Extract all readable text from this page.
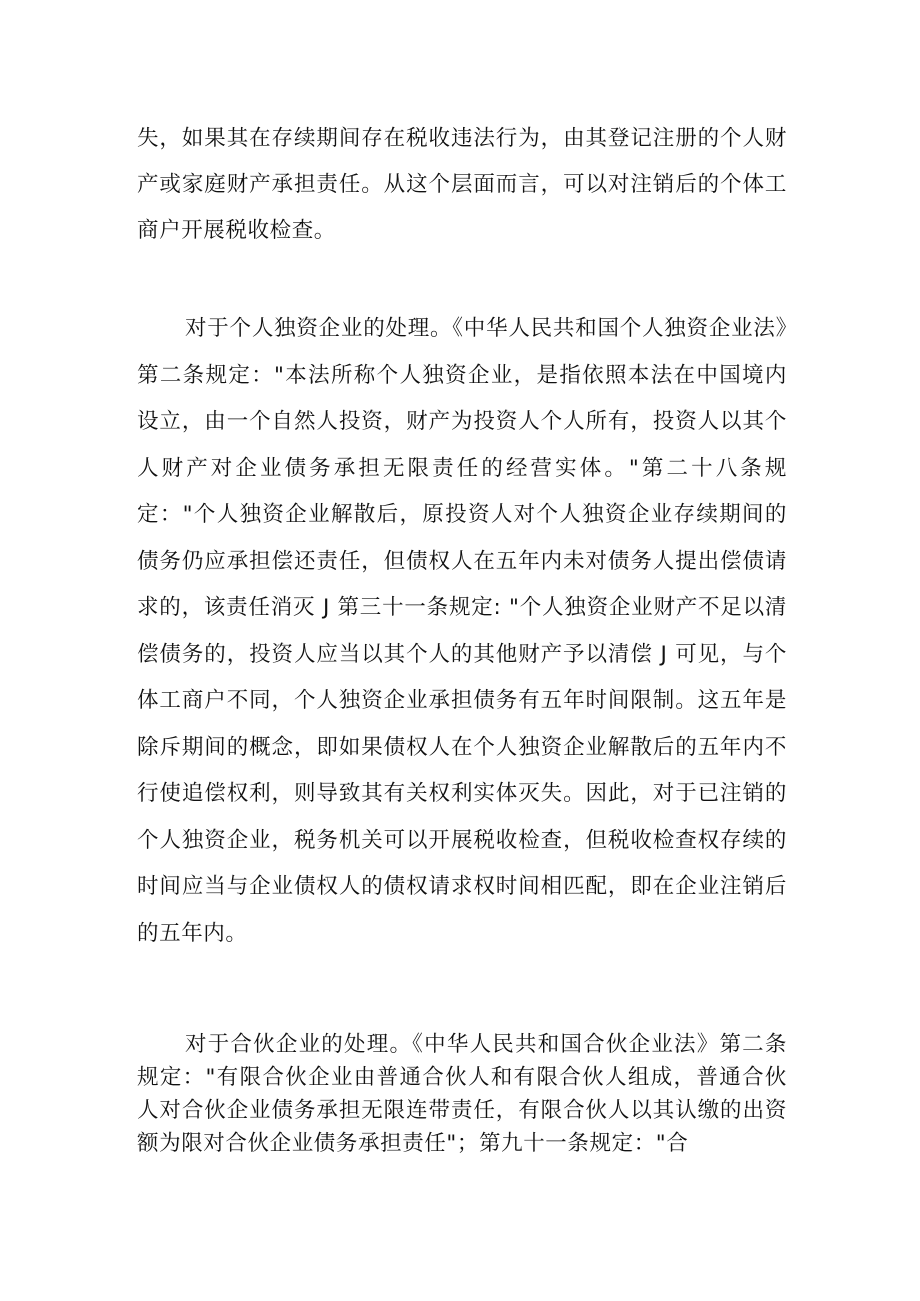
失，如果其在存续期间存在税收违法行为，由其登记注册的个人财产或家庭财产承担责任。从这个层面而言，可以对注销后的个体工商户开展税收检查。

对于个人独资企业的处理。《中华人民共和国个人独资企业法》第二条规定："本法所称个人独资企业，是指依照本法在中国境内设立，由一个自然人投资，财产为投资人个人所有，投资人以其个人财产对企业债务承担无限责任的经营实体。"第二十八条规定："个人独资企业解散后，原投资人对个人独资企业存续期间的债务仍应承担偿还责任，但债权人在五年内未对债务人提出偿债请求的，该责任消灭 J 第三十一条规定: "个人独资企业财产不足以清偿债务的，投资人应当以其个人的其他财产予以清偿 J 可见，与个体工商户不同，个人独资企业承担债务有五年时间限制。这五年是除斥期间的概念，即如果债权人在个人独资企业解散后的五年内不行使追偿权利，则导致其有关权利实体灭失。因此，对于已注销的个人独资企业，税务机关可以开展税收检查，但税收检查权存续的时间应当与企业债权人的债权请求权时间相匹配，即在企业注销后的五年内。

对于合伙企业的处理。《中华人民共和国合伙企业法》第二条规定："有限合伙企业由普通合伙人和有限合伙人组成，普通合伙人对合伙企业债务承担无限连带责任，有限合伙人以其认缴的出资额为限对合伙企业债务承担责任"；第九十一条规定："合
